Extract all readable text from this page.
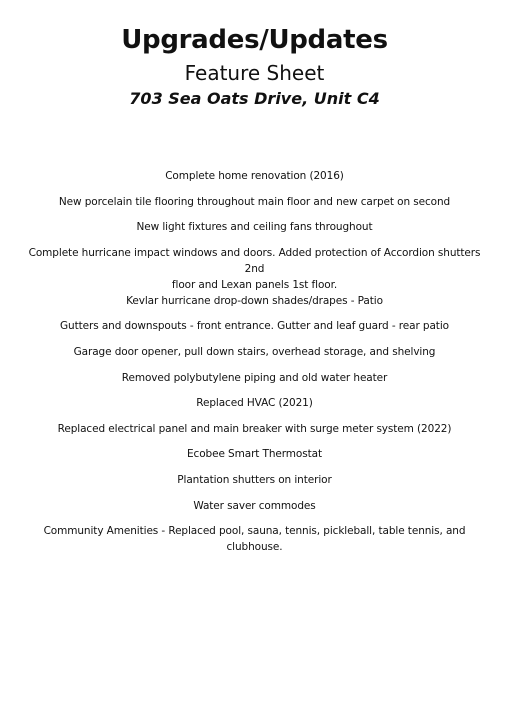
Upgrades/Updates
Feature Sheet
703 Sea Oats Drive, Unit C4
Complete home renovation (2016)
New porcelain tile flooring throughout main floor and new carpet on second
New light fixtures and ceiling fans throughout
Complete hurricane impact windows and doors. Added protection of Accordion shutters 2nd
floor and Lexan panels 1st floor.
Kevlar hurricane drop-down shades/drapes - Patio
Gutters and downspouts - front entrance. Gutter and leaf guard - rear patio
Garage door opener, pull down stairs, overhead storage, and shelving
Removed polybutylene piping and old water heater
Replaced HVAC (2021)
Replaced electrical panel and main breaker with surge meter system (2022)
Ecobee Smart Thermostat
Plantation shutters on interior
Water saver commodes
Community Amenities - Replaced pool, sauna, tennis, pickleball, table tennis, and clubhouse.
